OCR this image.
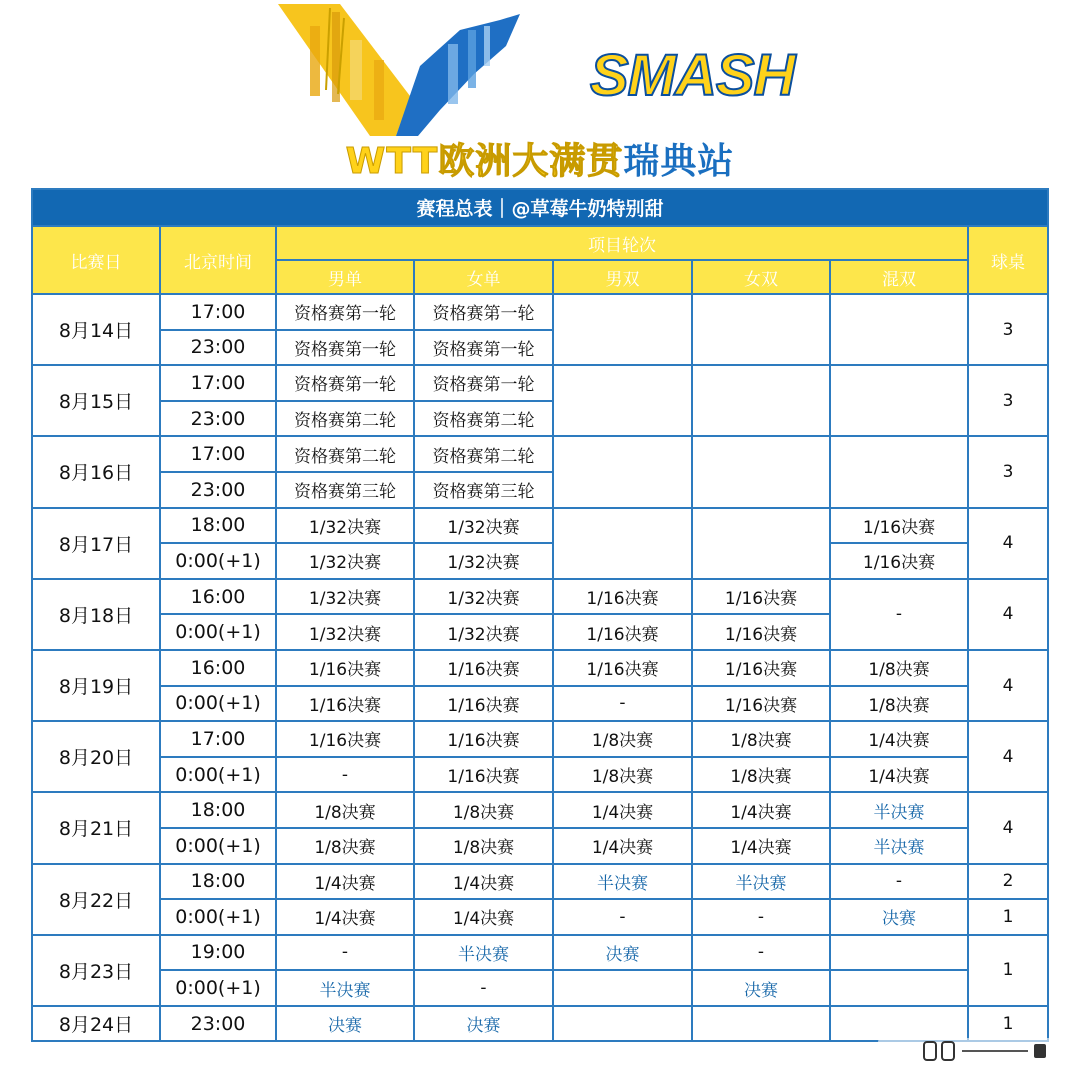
SMASH
WTT欧洲大满贯瑞典站
赛程总表｜@草莓牛奶特别甜							
比赛日	北京时间	项目轮次					球桌
		男单	女单	男双	女双	混双	
8月14日	17:00	资格赛第一轮	资格赛第一轮				3
	23:00	资格赛第一轮	资格赛第一轮				
8月15日	17:00	资格赛第一轮	资格赛第一轮				3
	23:00	资格赛第二轮	资格赛第二轮				
8月16日	17:00	资格赛第二轮	资格赛第二轮				3
	23:00	资格赛第三轮	资格赛第三轮				
8月17日	18:00	1/32决赛	1/32决赛			1/16决赛	4
	0:00(+1)	1/32决赛	1/32决赛			1/16决赛	
8月18日	16:00	1/32决赛	1/32决赛	1/16决赛	1/16决赛	-	4
	0:00(+1)	1/32决赛	1/32决赛	1/16决赛	1/16决赛		
8月19日	16:00	1/16决赛	1/16决赛	1/16决赛	1/16决赛	1/8决赛	4
	0:00(+1)	1/16决赛	1/16决赛	-	1/16决赛	1/8决赛	
8月20日	17:00	1/16决赛	1/16决赛	1/8决赛	1/8决赛	1/4决赛	4
	0:00(+1)	-	1/16决赛	1/8决赛	1/8决赛	1/4决赛	
8月21日	18:00	1/8决赛	1/8决赛	1/4决赛	1/4决赛	半决赛	4
	0:00(+1)	1/8决赛	1/8决赛	1/4决赛	1/4决赛	半决赛	
8月22日	18:00	1/4决赛	1/4决赛	半决赛	半决赛	-	2
	0:00(+1)	1/4决赛	1/4决赛	-	-	决赛	1
8月23日	19:00	-	半决赛	决赛	-		1
	0:00(+1)	半决赛	-		决赛		
8月24日	23:00	决赛	决赛				1
